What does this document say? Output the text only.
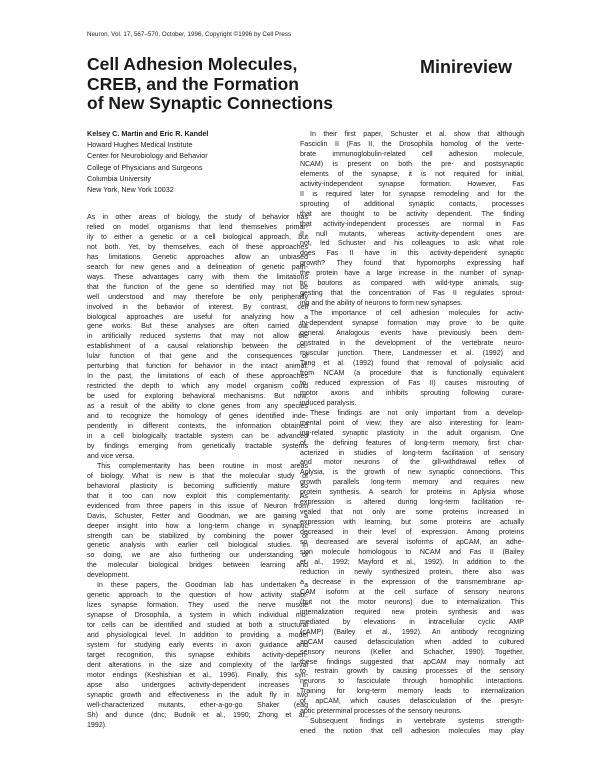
Neuron, Vol. 17, 567–570, October, 1996, Copyright ©1996 by Cell Press
Minireview
Cell Adhesion Molecules,
CREB, and the Formation
of New Synaptic Connections
Kelsey C. Martin and Eric R. Kandel
Howard Hughes Medical Institute
Center for Neurobiology and Behavior
College of Physicians and Surgeons
Columbia University
New York, New York 10032
As in other areas of biology, the study of behavior has
relied on model organisms that lend themselves primar-
ily to either a genetic or a cell biological approach, but
not both. Yet, by themselves, each of these approaches
has limitations. Genetic approaches allow an unbiased
search for new genes and a delineation of genetic path-
ways. These advantages carry with them the limitations
that the function of the gene so identified may not be
well understood and may therefore be only peripherally
involved in the behavior of interest. By contrast, cell
biological approaches are useful for analyzing how a
gene works. But these analyses are often carried out
in artificially reduced systems that may not allow the
establishment of a causal relationship between the cel-
lular function of that gene and the consequences of
perturbing that function for behavior in the intact animal.
In the past, the limitations of each of these approaches
restricted the depth to which any model organism could
be used for exploring behavioral mechanisms. But now,
as a result of the ability to clone genes from any species
and to recognize the homology of genes identified inde-
pendently in different contexts, the information obtained
in a cell biologically tractable system can be advanced
by findings emerging from genetically tractable systems
and vice versa.
This complementarity has been routine in most areas
of biology. What is new is that the molecular study of
behavioral plasticity is becoming sufficiently mature so
that it too can now exploit this complementarity. As
evidenced from three papers in this issue of Neuron from
Davis, Schuster, Fetter and Goodman, we are gaining a
deeper insight into how a long-term change in synaptic
strength can be stabilized by combining the power of
genetic analysis with earlier cell biological studies. In
so doing, we are also furthering our understanding of
the molecular biological bridges between learning and
development.
In these papers, the Goodman lab has undertaken a
genetic approach to the question of how activity stabi-
lizes synapse formation. They used the nerve muscle
synapse of Drosophila, a system in which individual mo-
tor cells can be identified and studied at both a structural
and physiological level. In addition to providing a model
system for studying early events in axon guidance and
target recognition, this synapse exhibits activity-depen-
dent alterations in the size and complexity of the larval
motor endings (Keshishian et al., 1996). Finally, this syn-
apse also undergoes activity-dependent increases in
synaptic growth and effectiveness in the adult fly in two
well-characterized mutants, ether-a-go-go Shaker (eag
Sh) and dunce (dnc; Budnik et al., 1990; Zhong et al.,
1992).
In their first paper, Schuster et al. show that although
Fasciclin II (Fas II, the Drosophila homolog of the verte-
brate immunoglobulin-related cell adhesion molecule,
NCAM) is present on both the pre- and postsynaptic
elements of the synapse, it is not required for initial,
activity-independent synapse formation. However, Fas
II is required later for synapse remodeling and for the
sprouting of additional synaptic contacts, processes
that are thought to be activity dependent. The finding
that activity-independent processes are normal in Fas
II null mutants, whereas activity-dependent ones are
not, led Schuster and his colleagues to ask: what role
does Fas II have in this activity-dependent synaptic
growth? They found that hypomorphs expressing half
the protein have a large increase in the number of synap-
tic boutons as compared with wild-type animals, sug-
gesting that the concentration of Fas II regulates sprout-
ing and the ability of neurons to form new synapses.
The importance of cell adhesion molecules for activ-
ity-dependent synapse formation may prove to be quite
general. Analogous events have previously been dem-
onstrated in the development of the vertebrate neuro-
muscular junction. There, Landmesser et al. (1992) and
Tang et al. (1992) found that removal of polysialic acid
from NCAM (a procedure that is functionally equivalent
to reduced expression of Fas II) causes misrouting of
motor axons and inhibits sprouting following curare-
induced paralysis.
These findings are not only important from a develop-
mental point of view; they are also interesting for learn-
ing-related synaptic plasticity in the adult organism. One
of the defining features of long-term memory, first char-
acterized in studies of long-term facilitation of sensory
and motor neurons of the gill-withdrawal reflex of
Aplysia, is the growth of new synaptic connections. This
growth parallels long-term memory and requires new
protein synthesis. A search for proteins in Aplysia whose
expression is altered during long-term facilitation re-
vealed that not only are some proteins increased in
expression with learning, but some proteins are actually
decreased in their level of expression. Among proteins
so decreased are several isoforms of apCAM, an adhe-
sion molecule homologous to NCAM and Fas II (Bailey
et al., 1992; Mayford et al., 1992). In addition to the
reduction in newly synthesized protein, there also was
a decrease in the expression of the transmembrane ap-
CAM isoform at the cell surface of sensory neurons
(but not the motor neurons) due to internalization. This
internalization required new protein synthesis and was
mediated by elevations in intracellular cyclic AMP
(cAMP) (Bailey et al., 1992). An antibody recognizing
apCAM caused defasciculation when added to cultured
sensory neurons (Keller and Schacher, 1990). Together,
these findings suggested that apCAM may normally act
to restrain growth by causing processes of the sensory
neurons to fasciculate through homophilic interactions.
Training for long-term memory leads to internalization
of apCAM, which causes defasciculation of the presyn-
aptic preterminal processes of the sensory neurons.
Subsequent findings in vertebrate systems strength-
ened the notion that cell adhesion molecules may play
